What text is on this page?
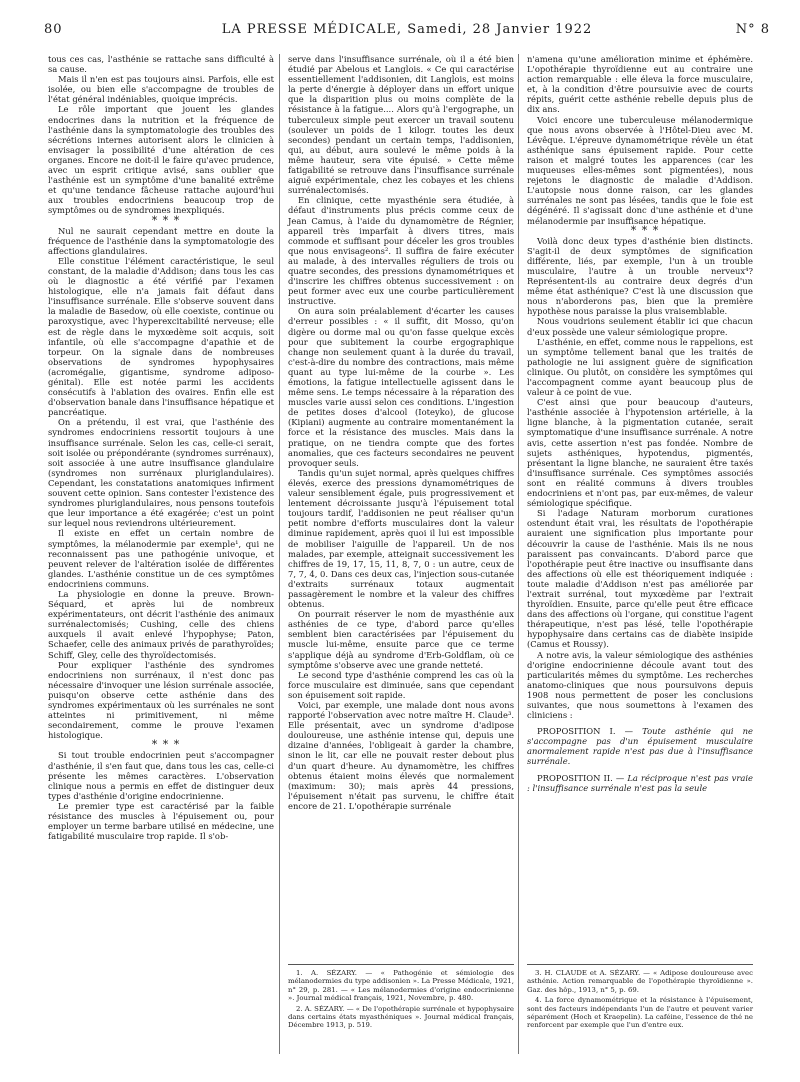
80	LA PRESSE MÉDICALE, Samedi, 28 Janvier 1922	N° 8

tous ces cas, l'asthénie se rattache sans difficulté à sa cause.

Mais il n'en est pas toujours ainsi. Parfois, elle est isolée, ou bien elle s'accompagne de troubles de l'état général indéniables, quoique imprécis.

Le rôle important que jouent les glandes endocrines dans la nutrition et la fréquence de l'asthénie dans la symptomatologie des troubles des sécrétions internes autorisent alors le clinicien à envisager la possibilité d'une altération de ces organes. Encore ne doit-il le faire qu'avec prudence, avec un esprit critique avisé, sans oublier que l'asthénie est un symptôme d'une banalité extrême et qu'une tendance fâcheuse rattache aujourd'hui aux troubles endocriniens beaucoup trop de symptômes ou de syndromes inexpliqués.

* * *

Nul ne saurait cependant mettre en doute la fréquence de l'asthénie dans la symptomatologie des affections glandulaires.

Elle constitue l'élément caractéristique, le seul constant, de la maladie d'Addison; dans tous les cas où le diagnostic a été vérifié par l'examen histologique, elle n'a jamais fait défaut dans l'insuffisance surrénale. Elle s'observe souvent dans la maladie de Basedow, où elle coexiste, continue ou paroxystique, avec l'hyperexcitabilité nerveuse; elle est de règle dans le myxœdème soit acquis, soit infantile, où elle s'accompagne d'apathie et de torpeur. On la signale dans de nombreuses observations de syndromes hypophysaires (acromégalie, gigantisme, syndrome adiposo-génital). Elle est notée parmi les accidents consécutifs à l'ablation des ovaires. Enfin elle est d'observation banale dans l'insuffisance hépatique et pancréatique.

On a prétendu, il est vrai, que l'asthénie des syndromes endocriniens ressortit toujours à une insuffisance surrénale. Selon les cas, celle-ci serait, soit isolée ou prépondérante (syndromes surrénaux), soit associée à une autre insuffisance glandulaire (syndromes non surrénaux pluriglandulaires). Cependant, les constatations anatomiques infirment souvent cette opinion. Sans contester l'existence des syndromes pluriglandulaires, nous pensons toutefois que leur importance a été exagérée; c'est un point sur lequel nous reviendrons ultérieurement.

Il existe en effet un certain nombre de symptômes, la mélanodermie par exemple¹, qui ne reconnaissent pas une pathogénie univoque, et peuvent relever de l'altération isolée de différentes glandes. L'asthénie constitue un de ces symptômes endocriniens communs.

La physiologie en donne la preuve. Brown-Séquard, et après lui de nombreux expérimentateurs, ont décrit l'asthénie des animaux surrénalectomisés; Cushing, celle des chiens auxquels il avait enlevé l'hypophyse; Paton, Schaefer, celle des animaux privés de parathyroïdes; Schiff, Gley, celle des thyroïdectomisés.

Pour expliquer l'asthénie des syndromes endocriniens non surrénaux, il n'est donc pas nécessaire d'invoquer une lésion surrénale associée, puisqu'on observe cette asthénie dans des syndromes expérimentaux où les surrénales ne sont atteintes ni primitivement, ni même secondairement, comme le prouve l'examen histologique.

* * *

Si tout trouble endocrinien peut s'accompagner d'asthénie, il s'en faut que, dans tous les cas, celle-ci présente les mêmes caractères. L'observation clinique nous a permis en effet de distinguer deux types d'asthénie d'origine endocrinienne.

Le premier type est caractérisé par la faible résistance des muscles à l'épuisement ou, pour employer un terme barbare utilisé en médecine, une fatigabilité musculaire trop rapide. Il s'ob-

serve dans l'insuffisance surrénale, où il a été bien étudié par Abelous et Langlois. « Ce qui caractérise essentiellement l'addisonien, dit Langlois, est moins la perte d'énergie à déployer dans un effort unique que la disparition plus ou moins complète de la résistance à la fatigue.... Alors qu'à l'ergographe, un tuberculeux simple peut exercer un travail soutenu (soulever un poids de 1 kilogr. toutes les deux secondes) pendant un certain temps, l'addisonien, qui, au début, aura soulevé le même poids à la même hauteur, sera vite épuisé. » Cette même fatigabilité se retrouve dans l'insuffisance surrénale aiguë expérimentale, chez les cobayes et les chiens surrénalectomisés.

En clinique, cette myasthénie sera étudiée, à défaut d'instruments plus précis comme ceux de Jean Camus, à l'aide du dynamomètre de Régnier, appareil très imparfait à divers titres, mais commode et suffisant pour déceler les gros troubles que nous envisageons². Il suffira de faire exécuter au malade, à des intervalles réguliers de trois ou quatre secondes, des pressions dynamométriques et d'inscrire les chiffres obtenus successivement : on peut former avec eux une courbe particulièrement instructive.

On aura soin préalablement d'écarter les causes d'erreur possibles : « il suffit, dit Mosso, qu'on digère ou dorme mal ou qu'on fasse quelque excès pour que subitement la courbe ergographique change non seulement quant à la durée du travail, c'est-à-dire du nombre des contractions, mais même quant au type lui-même de la courbe ». Les émotions, la fatigue intellectuelle agissent dans le même sens. Le temps nécessaire à la réparation des muscles varie aussi selon ces conditions. L'ingestion de petites doses d'alcool (Ioteyko), de glucose (Kipiani) augmente au contraire momentanément la force et la résistance des muscles. Mais dans la pratique, on ne tiendra compte que des fortes anomalies, que ces facteurs secondaires ne peuvent provoquer seuls.

Tandis qu'un sujet normal, après quelques chiffres élevés, exerce des pressions dynamométriques de valeur sensiblement égale, puis progressivement et lentement décroissante jusqu'à l'épuisement total toujours tardif, l'addisonien ne peut réaliser qu'un petit nombre d'efforts musculaires dont la valeur diminue rapidement, après quoi il lui est impossible de mobiliser l'aiguille de l'appareil. Un de nos malades, par exemple, atteignait successivement les chiffres de 19, 17, 15, 11, 8, 7, 0 : un autre, ceux de 7, 7, 4, 0. Dans ces deux cas, l'injection sous-cutanée d'extraits surrénaux totaux augmentait passagèrement le nombre et la valeur des chiffres obtenus.

On pourrait réserver le nom de myasthénie aux asthénies de ce type, d'abord parce qu'elles semblent bien caractérisées par l'épuisement du muscle lui-même, ensuite parce que ce terme s'applique déjà au syndrome d'Erb-Goldflam, où ce symptôme s'observe avec une grande netteté.

Le second type d'asthénie comprend les cas où la force musculaire est diminuée, sans que cependant son épuisement soit rapide.

Voici, par exemple, une malade dont nous avons rapporté l'observation avec notre maître H. Claude³. Elle présentait, avec un syndrome d'adipose douloureuse, une asthénie intense qui, depuis une dizaine d'années, l'obligeait à garder la chambre, sinon le lit, car elle ne pouvait rester debout plus d'un quart d'heure. Au dynamomètre, les chiffres obtenus étaient moins élevés que normalement (maximum: 30); mais après 44 pressions, l'épuisement n'était pas survenu, le chiffre était encore de 21. L'opothérapie surrénale

n'amena qu'une amélioration minime et éphémère. L'opothérapie thyroïdienne eut au contraire une action remarquable : elle éleva la force musculaire, et, à la condition d'être poursuivie avec de courts répits, guérit cette asthénie rebelle depuis plus de dix ans.

Voici encore une tuberculeuse mélanodermique que nous avons observée à l'Hôtel-Dieu avec M. Lévêque. L'épreuve dynamométrique révèle un état asthénique sans épuisement rapide. Pour cette raison et malgré toutes les apparences (car les muqueuses elles-mêmes sont pigmentées), nous rejetons le diagnostic de maladie d'Addison. L'autopsie nous donne raison, car les glandes surrénales ne sont pas lésées, tandis que le foie est dégénéré. Il s'agissait donc d'une asthénie et d'une mélanodermie par insuffisance hépatique.

* * *

Voilà donc deux types d'asthénie bien distincts. S'agit-il de deux symptômes de signification différente, liés, par exemple, l'un à un trouble musculaire, l'autre à un trouble nerveux⁴? Représentent-ils au contraire deux degrés d'un même état asthénique? C'est là une discussion que nous n'aborderons pas, bien que la première hypothèse nous paraisse la plus vraisemblable.

Nous voudrions seulement établir ici que chacun d'eux possède une valeur sémiologique propre.

L'asthénie, en effet, comme nous le rappelions, est un symptôme tellement banal que les traités de pathologie ne lui assignent guère de signification clinique. Ou plutôt, on considère les symptômes qui l'accompagnent comme ayant beaucoup plus de valeur à ce point de vue.

C'est ainsi que pour beaucoup d'auteurs, l'asthénie associée à l'hypotension artérielle, à la ligne blanche, à la pigmentation cutanée, serait symptomatique d'une insuffisance surrénale. A notre avis, cette assertion n'est pas fondée. Nombre de sujets asthéniques, hypotendus, pigmentés, présentant la ligne blanche, ne sauraient être taxés d'insuffisance surrénale. Ces symptômes associés sont en réalité communs à divers troubles endocriniens et n'ont pas, par eux-mêmes, de valeur sémiologique spécifique.

Si l'adage Naturam morborum curationes ostendunt était vrai, les résultats de l'opothérapie auraient une signification plus importante pour découvrir la cause de l'asthénie. Mais ils ne nous paraissent pas convaincants. D'abord parce que l'opothérapie peut être inactive ou insuffisante dans des affections où elle est théoriquement indiquée : toute maladie d'Addison n'est pas améliorée par l'extrait surrénal, tout myxœdème par l'extrait thyroïdien. Ensuite, parce qu'elle peut être efficace dans des affections où l'organe, qui constitue l'agent thérapeutique, n'est pas lésé, telle l'opothérapie hypophysaire dans certains cas de diabète insipide (Camus et Roussy).

A notre avis, la valeur sémiologique des asthénies d'origine endocrinienne découle avant tout des particularités mêmes du symptôme. Les recherches anatomo-cliniques que nous poursuivons depuis 1908 nous permettent de poser les conclusions suivantes, que nous soumettons à l'examen des cliniciens :

PROPOSITION I. — Toute asthénie qui ne s'accompagne pas d'un épuisement musculaire anormalement rapide n'est pas due à l'insuffisance surrénale.

PROPOSITION II. — La réciproque n'est pas vraie : l'insuffisance surrénale n'est pas la seule

1. A. SÉZARY. — « Pathogénie et sémiologie des mélanodermies du type addisonien ». La Presse Médicale, 1921, n° 29, p. 281. — « Les mélanodermies d'origine endocrinienne ». Journal médical français, 1921, Novembre, p. 480.

2. A. SÉZARY. — « De l'opothérapie surrénale et hypophysaire dans certains états myasthéniques ». Journal médical français, Décembre 1913, p. 519.

3. H. CLAUDE et A. SÉZARY. — « Adipose douloureuse avec asthénie. Action remarquable de l'opothérapie thyroïdienne ». Gaz. des hôp., 1913, n° 5, p. 69.

4. La force dynamométrique et la résistance à l'épuisement, sont des facteurs indépendants l'un de l'autre et peuvent varier séparément (Hoch et Kraepelin). La caféine, l'essence de thé ne renforcent par exemple que l'un d'entre eux.
